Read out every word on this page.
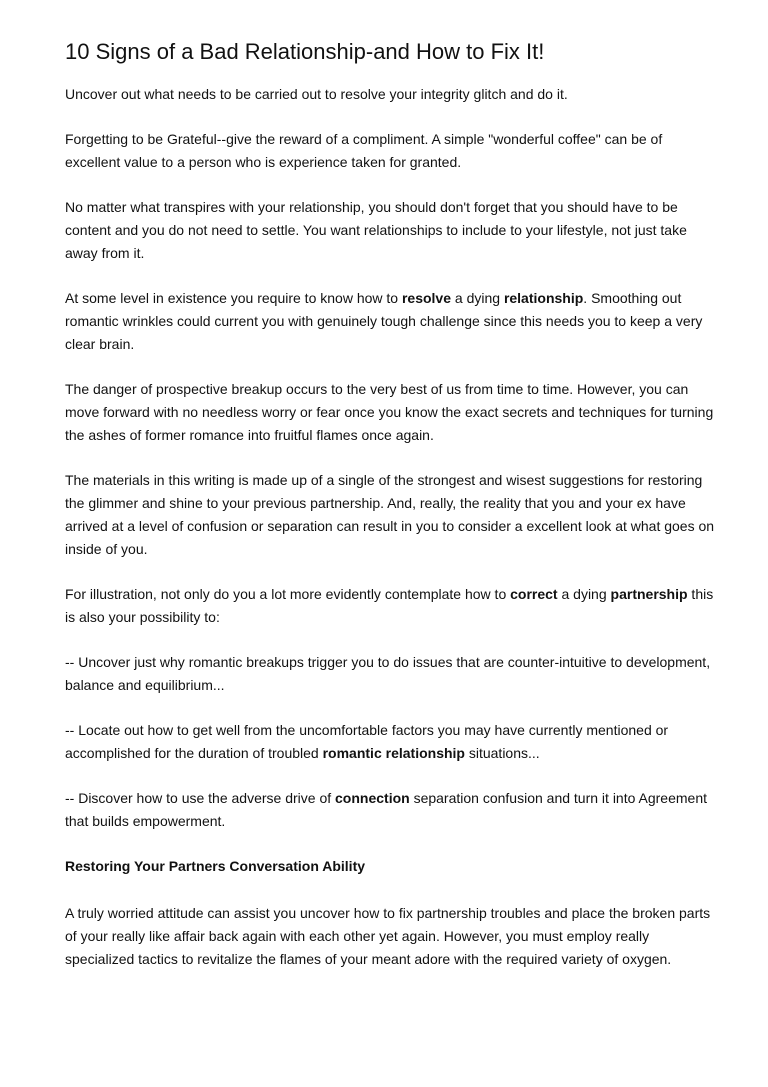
10 Signs of a Bad Relationship-and How to Fix It!

Uncover out what needs to be carried out to resolve your integrity glitch and do it.

Forgetting to be Grateful--give the reward of a compliment. A simple "wonderful coffee" can be of excellent value to a person who is experience taken for granted.

No matter what transpires with your relationship, you should don't forget that you should have to be content and you do not need to settle. You want relationships to include to your lifestyle, not just take away from it.

At some level in existence you require to know how to resolve a dying relationship. Smoothing out romantic wrinkles could current you with genuinely tough challenge since this needs you to keep a very clear brain.

The danger of prospective breakup occurs to the very best of us from time to time. However, you can move forward with no needless worry or fear once you know the exact secrets and techniques for turning the ashes of former romance into fruitful flames once again.

The materials in this writing is made up of a single of the strongest and wisest suggestions for restoring the glimmer and shine to your previous partnership. And, really, the reality that you and your ex have arrived at a level of confusion or separation can result in you to consider a excellent look at what goes on inside of you.

For illustration, not only do you a lot more evidently contemplate how to correct a dying partnership this is also your possibility to:

-- Uncover just why romantic breakups trigger you to do issues that are counter-intuitive to development, balance and equilibrium...

-- Locate out how to get well from the uncomfortable factors you may have currently mentioned or accomplished for the duration of troubled romantic relationship situations...

-- Discover how to use the adverse drive of connection separation confusion and turn it into Agreement that builds empowerment.

Restoring Your Partners Conversation Ability

A truly worried attitude can assist you uncover how to fix partnership troubles and place the broken parts of your really like affair back again with each other yet again. However, you must employ really specialized tactics to revitalize the flames of your meant adore with the required variety of oxygen.
